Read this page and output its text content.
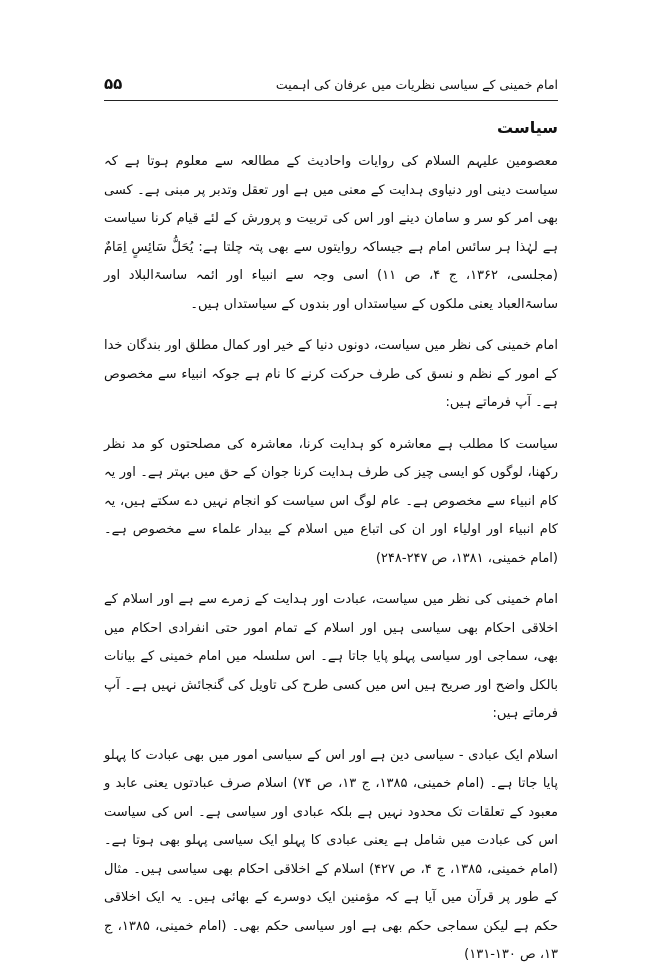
۵۵	امام خمینی کے سیاسی نظریات میں عرفان کی اہمیت
سیاست

معصومین علیہم السلام کی روایات واحادیث کے مطالعہ سے معلوم ہوتا ہے کہ سیاست دینی اور دنیاوی ہدایت کے معنی میں ہے اور تعقل وتدبر پر مبنی ہے۔ کسی بھی امر کو سر و سامان دینے اور اس کی تربیت و پرورش کے لئے قیام کرنا سیاست ہے لہٰذا ہر سائس امام ہے جیساکہ روایتوں سے بھی پتہ چلتا ہے: یُحَلُّ سَائِسٍ اِمَامٌ (مجلسی، ۱۳۶۲، ج ۴، ص ۱۱) اسی وجہ سے انبیاء اور ائمہ ساسۃالبلاد اور ساسۃالعباد یعنی ملکوں کے سیاستداں اور بندوں کے سیاستداں ہیں۔

امام خمینی کی نظر میں سیاست، دونوں دنیا کے خیر اور کمال مطلق اور بندگان خدا کے امور کے نظم و نسق کی طرف حرکت کرنے کا نام ہے جوکہ انبیاء سے مخصوص ہے۔ آپ فرماتے ہیں:

سیاست کا مطلب ہے معاشرہ کو ہدایت کرنا، معاشرہ کی مصلحتوں کو مد نظر رکھنا، لوگوں کو ایسی چیز کی طرف ہدایت کرنا جوان کے حق میں بہتر ہے۔ اور یہ کام انبیاء سے مخصوص ہے۔ عام لوگ اس سیاست کو انجام نہیں دے سکتے ہیں، یہ کام انبیاء اور اولیاء اور ان کی اتباع میں اسلام کے بیدار علماء سے مخصوص ہے۔ (امام خمینی، ۱۳۸۱، ص ۲۴۷-۲۴۸)

امام خمینی کی نظر میں سیاست، عبادت اور ہدایت کے زمرے سے ہے اور اسلام کے اخلاقی احکام بھی سیاسی ہیں اور اسلام کے تمام امور حتی انفرادی احکام میں بھی، سماجی اور سیاسی پہلو پایا جاتا ہے۔ اس سلسلہ میں امام خمینی کے بیانات بالکل واضح اور صریح ہیں اس میں کسی طرح کی تاویل کی گنجائش نہیں ہے۔ آپ فرماتے ہیں:

اسلام ایک عبادی - سیاسی دین ہے اور اس کے سیاسی امور میں بھی عبادت کا پہلو پایا جاتا ہے۔ (امام خمینی، ۱۳۸۵، ج ۱۳، ص ۷۴) اسلام صرف عبادتوں یعنی عابد و معبود کے تعلقات تک محدود نہیں ہے بلکہ عبادی اور سیاسی ہے۔ اس کی سیاست اس کی عبادت میں شامل ہے یعنی عبادی کا پہلو ایک سیاسی پہلو بھی ہوتا ہے۔ (امام خمینی، ۱۳۸۵، ج ۴، ص ۴۲۷) اسلام کے اخلاقی احکام بھی سیاسی ہیں۔ مثال کے طور پر قرآن میں آیا ہے کہ مؤمنین ایک دوسرے کے بھائی ہیں۔ یہ ایک اخلاقی حکم ہے لیکن سماجی حکم بھی ہے اور سیاسی حکم بھی۔ (امام خمینی، ۱۳۸۵، ج ۱۳، ص ۱۳۰-۱۳۱)
